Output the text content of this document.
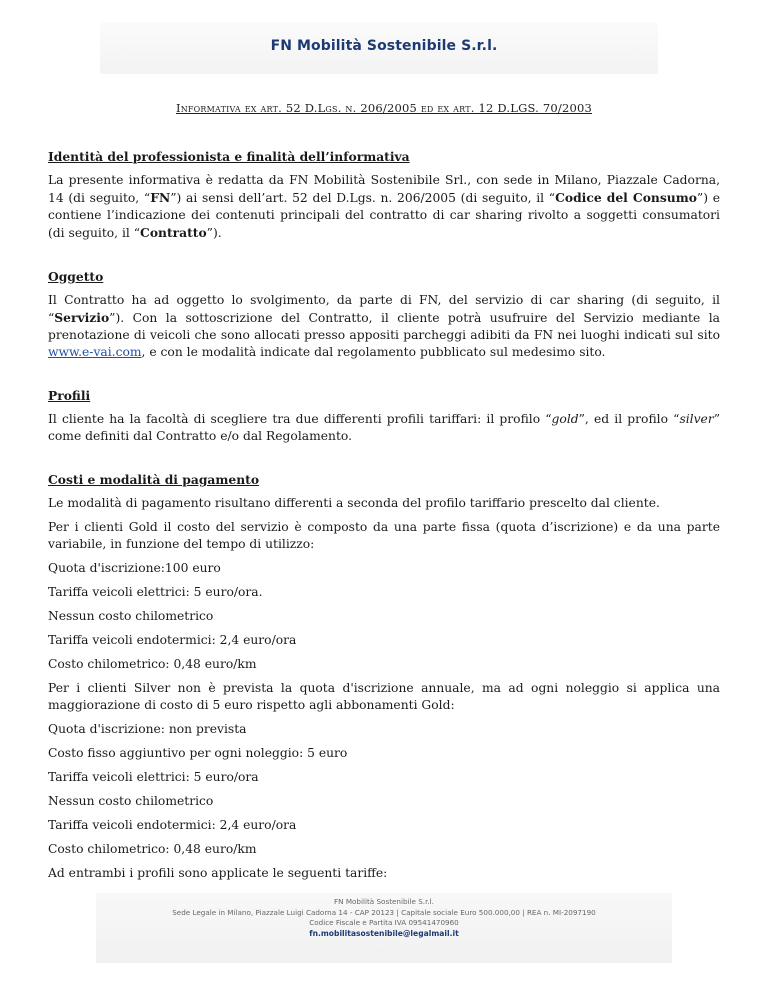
FN Mobilità Sostenibile S.r.l.
Informativa ex art. 52 D.Lgs. n. 206/2005 ed ex art. 12 D.LGS. 70/2003

Identità del professionista e finalità dell’informativa

La presente informativa è redatta da FN Mobilità Sostenibile Srl., con sede in Milano, Piazzale Cadorna, 14 (di seguito, “FN”) ai sensi dell’art. 52 del D.Lgs. n. 206/2005 (di seguito, il “Codice del Consumo”) e contiene l’indicazione dei contenuti principali del contratto di car sharing rivolto a soggetti consumatori (di seguito, il “Contratto”).

Oggetto

Il Contratto ha ad oggetto lo svolgimento, da parte di FN, del servizio di car sharing (di seguito, il “Servizio”). Con la sottoscrizione del Contratto, il cliente potrà usufruire del Servizio mediante la prenotazione di veicoli che sono allocati presso appositi parcheggi adibiti da FN nei luoghi indicati sul sito www.e-vai.com, e con le modalità indicate dal regolamento pubblicato sul medesimo sito.

Profili

Il cliente ha la facoltà di scegliere tra due differenti profili tariffari: il profilo “gold”, ed il profilo “silver” come definiti dal Contratto e/o dal Regolamento.

Costi e modalità di pagamento

Le modalità di pagamento risultano differenti a seconda del profilo tariffario prescelto dal cliente.

Per i clienti Gold il costo del servizio è composto da una parte fissa (quota d’iscrizione) e da una parte variabile, in funzione del tempo di utilizzo:

Quota d'iscrizione:100 euro

Tariffa veicoli elettrici: 5 euro/ora.

Nessun costo chilometrico

Tariffa veicoli endotermici: 2,4 euro/ora

Costo chilometrico: 0,48 euro/km

Per i clienti Silver non è prevista la quota d'iscrizione annuale, ma ad ogni noleggio si applica una maggiorazione di costo di 5 euro rispetto agli abbonamenti Gold:

Quota d'iscrizione: non prevista

Costo fisso aggiuntivo per ogni noleggio: 5 euro

Tariffa veicoli elettrici: 5 euro/ora

Nessun costo chilometrico

Tariffa veicoli endotermici: 2,4 euro/ora

Costo chilometrico: 0,48 euro/km

Ad entrambi i profili sono applicate le seguenti tariffe:

FN Mobilità Sostenibile S.r.l.
Sede Legale in Milano, Piazzale Luigi Cadorna 14 - CAP 20123 | Capitale sociale Euro 500.000,00 | REA n. MI-2097190
Codice Fiscale e Partita IVA 09541470960
fn.mobilitasostenibile@legalmail.it
